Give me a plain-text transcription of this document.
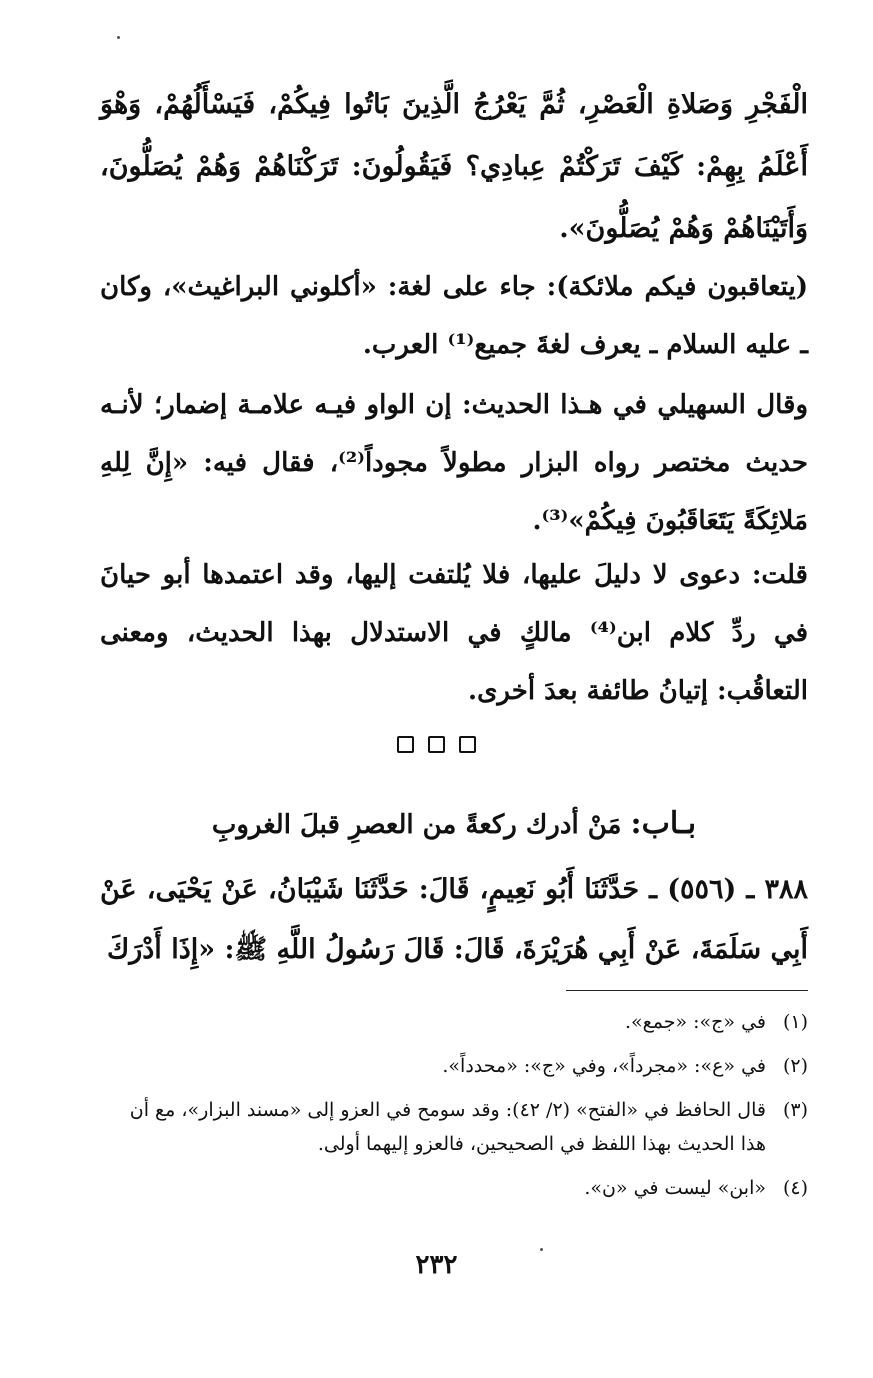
الْفَجْرِ وَصَلاةِ الْعَصْرِ، ثُمَّ يَعْرُجُ الَّذِينَ بَاتُوا فِيكُمْ، فَيَسْأَلُهُمْ، وَهْوَ أَعْلَمُ بِهِمْ: كَيْفَ تَرَكْتُمْ عِبادِي؟ فَيَقُولُونَ: تَرَكْنَاهُمْ وَهُمْ يُصَلُّونَ، وَأَتَيْنَاهُمْ وَهُمْ يُصَلُّونَ».

(يتعاقبون فيكم ملائكة): جاء على لغة: «أكلوني البراغيث»، وكان ـ عليه السلام ـ يعرف لغةَ جميع⁽¹⁾ العرب.

وقال السهيلي في هـذا الحديث: إن الواو فيـه علامـة إضمار؛ لأنـه حديث مختصر رواه البزار مطولاً مجوداً⁽²⁾، فقال فيه: «إِنَّ لِلهِ مَلائِكَةً يَتَعَاقَبُونَ فِيكُمْ»⁽³⁾.

قلت: دعوى لا دليلَ عليها، فلا يُلتفت إليها، وقد اعتمدها أبو حيانَ في ردِّ كلام ابن⁽⁴⁾ مالكٍ في الاستدلال بهذا الحديث، ومعنى التعاقُب: إتيانُ طائفة بعدَ أخرى.

بـاب: مَنْ أدرك ركعةً من العصرِ قبلَ الغروبِ

٣٨٨ ـ (٥٥٦) ـ حَدَّثَنَا أَبُو نَعِيمٍ، قَالَ: حَدَّثَنَا شَيْبَانُ، عَنْ يَحْيَى، عَنْ أَبِي سَلَمَةَ، عَنْ أَبِي هُرَيْرَةَ، قَالَ: قَالَ رَسُولُ اللَّهِ ﷺ: «إِذَا أَدْرَكَ

(١)
في «ج»: «جمع».
(٢)
في «ع»: «مجرداً»، وفي «ج»: «محدداً».
(٣)
قال الحافظ في «الفتح» (٢/ ٤٢): وقد سومح في العزو إلى «مسند البزار»، مع أن هذا الحديث بهذا اللفظ في الصحيحين، فالعزو إليهما أولى.
(٤)
«ابن» ليست في «ن».
٢٣٢
